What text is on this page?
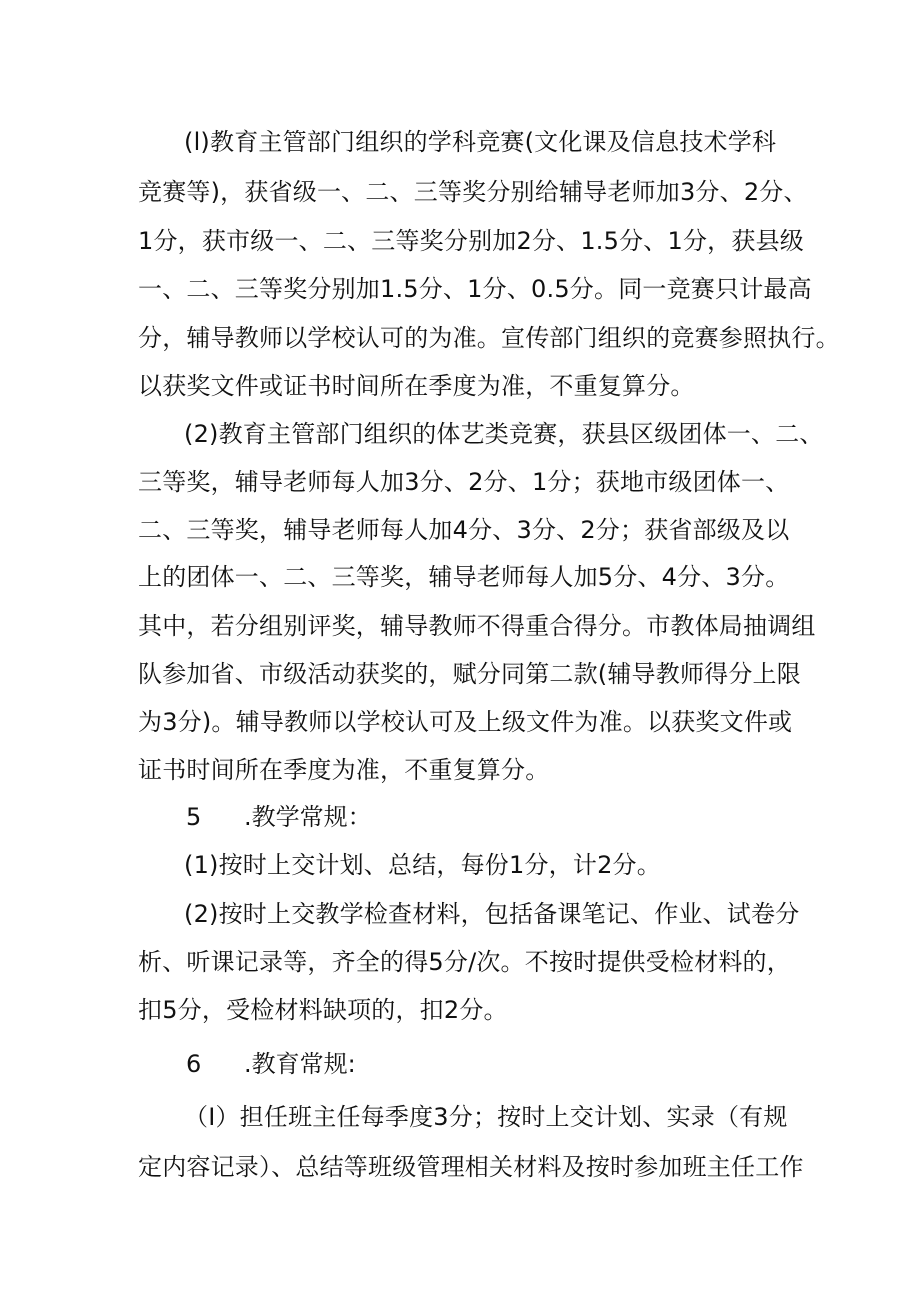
(l)教育主管部门组织的学科竞赛(文化课及信息技术学科
竞赛等)，获省级一、二、三等奖分别给辅导老师加3分、2分、
1分，获市级一、二、三等奖分别加2分、1.5分、1分，获县级
一、二、三等奖分别加1.5分、1分、0.5分。同一竞赛只计最高
分，辅导教师以学校认可的为准。宣传部门组织的竞赛参照执行。
以获奖文件或证书时间所在季度为准，不重复算分。
(2)教育主管部门组织的体艺类竞赛，获县区级团体一、二、
三等奖，辅导老师每人加3分、2分、1分；获地市级团体一、
二、三等奖，辅导老师每人加4分、3分、2分；获省部级及以
上的团体一、二、三等奖，辅导老师每人加5分、4分、3分。
其中，若分组别评奖，辅导教师不得重合得分。市教体局抽调组
队参加省、市级活动获奖的，赋分同第二款(辅导教师得分上限
为3分)。辅导教师以学校认可及上级文件为准。以获奖文件或
证书时间所在季度为准，不重复算分。
5 .教学常规：
(1)按时上交计划、总结，每份1分，计2分。
(2)按时上交教学检查材料，包括备课笔记、作业、试卷分
析、听课记录等，齐全的得5分/次。不按时提供受检材料的，
扣5分，受检材料缺项的，扣2分。
6 .教育常规:
（I）担任班主任每季度3分；按时上交计划、实录（有规
定内容记录）、总结等班级管理相关材料及按时参加班主任工作
